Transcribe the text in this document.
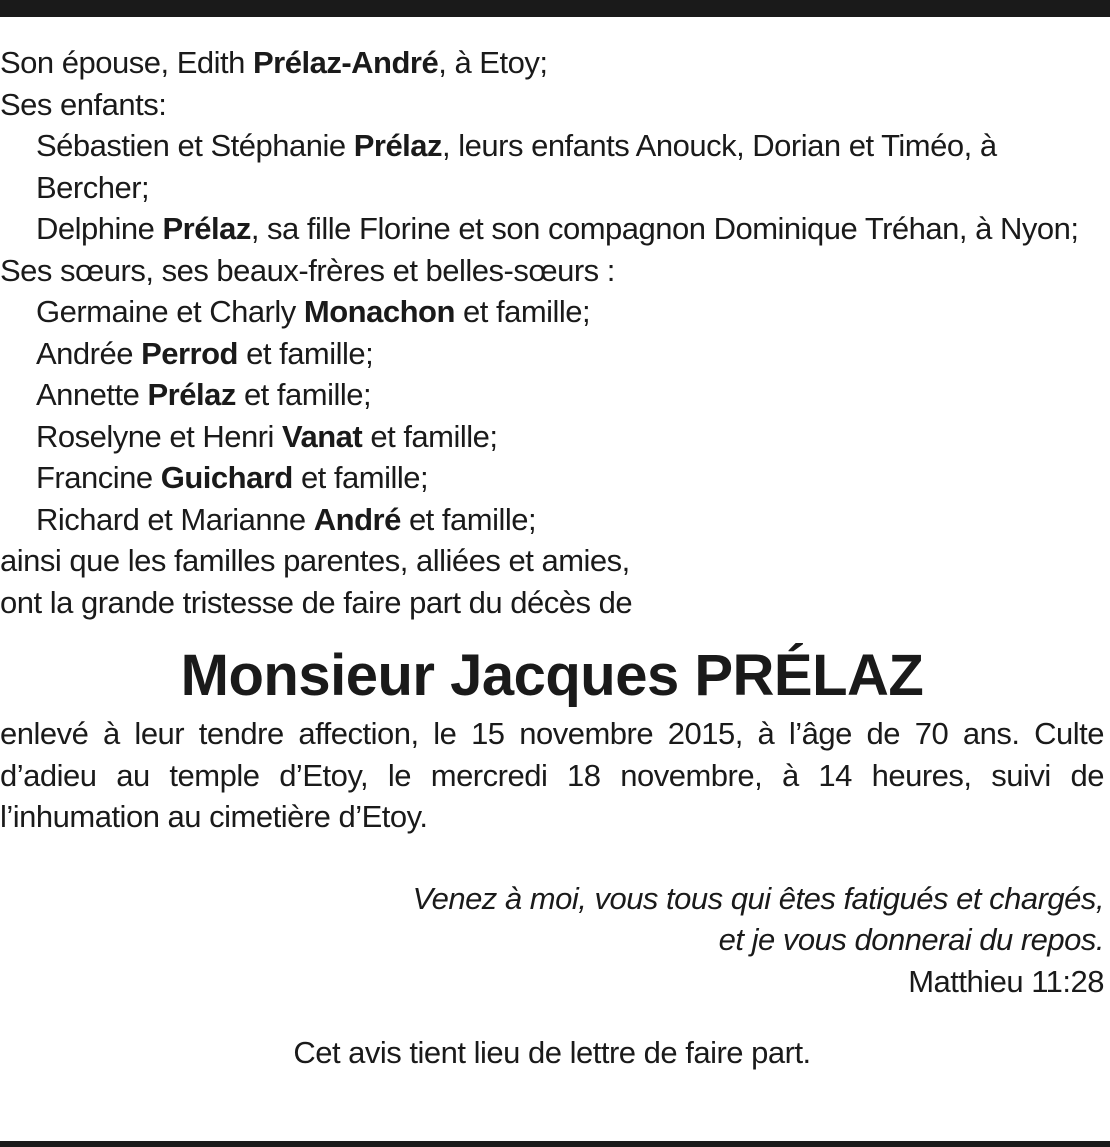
Son épouse, Edith Prélaz-André, à Etoy;
Ses enfants:
Sébastien et Stéphanie Prélaz, leurs enfants Anouck, Dorian et Timéo, à Bercher;
Delphine Prélaz, sa fille Florine et son compagnon Dominique Tréhan, à Nyon;
Ses sœurs, ses beaux-frères et belles-sœurs :
Germaine et Charly Monachon et famille;
Andrée Perrod et famille;
Annette Prélaz et famille;
Roselyne et Henri Vanat et famille;
Francine Guichard et famille;
Richard et Marianne André et famille;
ainsi que les familles parentes, alliées et amies,
ont la grande tristesse de faire part du décès de
Monsieur Jacques PRÉLAZ
enlevé à leur tendre affection, le 15 novembre 2015, à l’âge de 70 ans. Culte d’adieu au temple d’Etoy, le mercredi 18 novembre, à 14 heures, suivi de l’inhumation au cimetière d’Etoy.
Venez à moi, vous tous qui êtes fatigués et chargés,
et je vous donnerai du repos.
Matthieu 11:28
Cet avis tient lieu de lettre de faire part.
